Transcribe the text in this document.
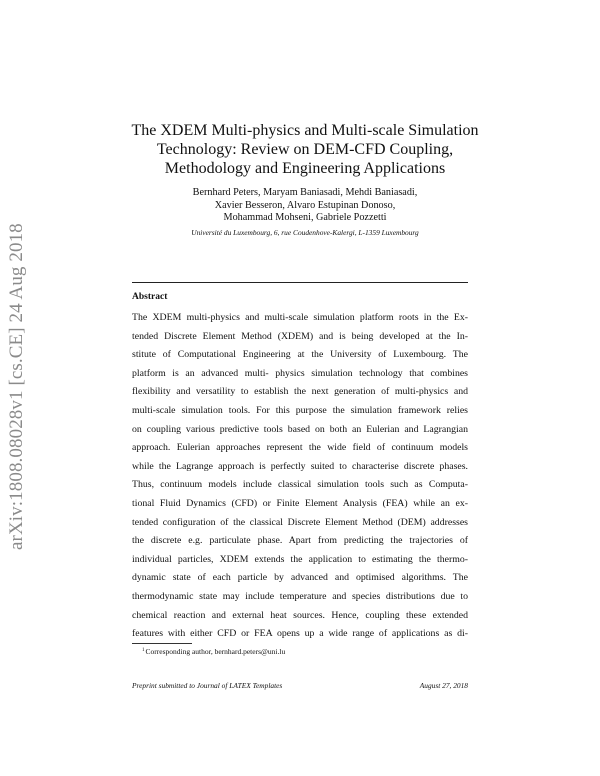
arXiv:1808.08028v1 [cs.CE] 24 Aug 2018
The XDEM Multi-physics and Multi-scale Simulation
Technology: Review on DEM-CFD Coupling,
Methodology and Engineering Applications
Bernhard Peters, Maryam Baniasadi, Mehdi Baniasadi,
Xavier Besseron, Alvaro Estupinan Donoso,
Mohammad Mohseni, Gabriele Pozzetti
Université du Luxembourg, 6, rue Coudenhove-Kalergi, L-1359 Luxembourg
Abstract
The XDEM multi-physics and multi-scale simulation platform roots in the Ex-
tended Discrete Element Method (XDEM) and is being developed at the In-
stitute of Computational Engineering at the University of Luxembourg. The
platform is an advanced multi- physics simulation technology that combines
flexibility and versatility to establish the next generation of multi-physics and
multi-scale simulation tools. For this purpose the simulation framework relies
on coupling various predictive tools based on both an Eulerian and Lagrangian
approach. Eulerian approaches represent the wide field of continuum models
while the Lagrange approach is perfectly suited to characterise discrete phases.
Thus, continuum models include classical simulation tools such as Computa-
tional Fluid Dynamics (CFD) or Finite Element Analysis (FEA) while an ex-
tended configuration of the classical Discrete Element Method (DEM) addresses
the discrete e.g. particulate phase. Apart from predicting the trajectories of
individual particles, XDEM extends the application to estimating the thermo-
dynamic state of each particle by advanced and optimised algorithms. The
thermodynamic state may include temperature and species distributions due to
chemical reaction and external heat sources. Hence, coupling these extended
features with either CFD or FEA opens up a wide range of applications as di-
$^1$Corresponding author, bernhard.peters@uni.lu
Preprint submitted to Journal of LATEX Templates	August 27, 2018
